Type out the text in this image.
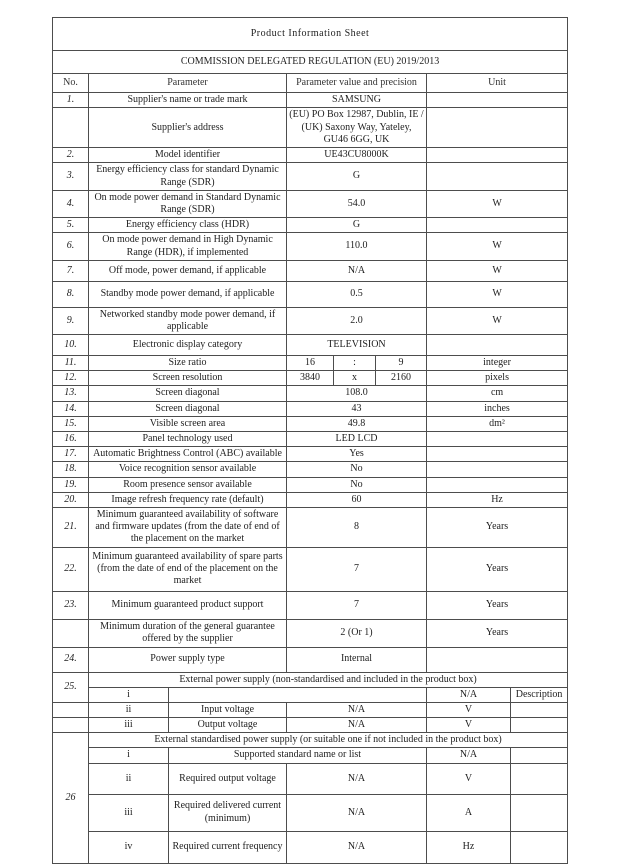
Product Information Sheet							
COMMISSION DELEGATED REGULATION (EU) 2019/2013							
No.	Parameter		Parameter value and precision			Unit	
1.	Supplier's name or trade mark		SAMSUNG				
	Supplier's address		(EU) PO Box 12987, Dublin, IE / (UK) Saxony Way, Yateley, GU46 6GG, UK				
2.	Model identifier		UE43CU8000K				
3.	Energy efficiency class for standard Dynamic Range (SDR)		G				
4.	On mode power demand in Standard Dynamic Range (SDR)		54.0			W	
5.	Energy efficiency class (HDR)		G				
6.	On mode power demand in High Dynamic Range (HDR), if implemented		110.0			W	
7.	Off mode, power demand, if applicable		N/A			W	
8.	Standby mode power demand, if applicable		0.5			W	
9.	Networked standby mode power demand, if applicable		2.0			W	
10.	Electronic display category		TELEVISION				
11.	Size ratio		16	:	9	integer	
12.	Screen resolution		3840	x	2160	pixels	
13.	Screen diagonal		108.0			cm	
14.	Screen diagonal		43			inches	
15.	Visible screen area		49.8			dm²	
16.	Panel technology used		LED LCD				
17.	Automatic Brightness Control (ABC) available		Yes				
18.	Voice recognition sensor available		No				
19.	Room presence sensor available		No				
20.	Image refresh frequency rate (default)		60			Hz	
21.	Minimum guaranteed availability of software and firmware updates (from the date of end of the placement on the market		8			Years	
22.	Minimum guaranteed availability of spare parts (from the date of end of the placement on the market		7			Years	
23.	Minimum guaranteed product support		7			Years	
	Minimum duration of the general guarantee offered by the supplier		2 (Or 1)			Years	
24.	Power supply type		Internal				
25.	External power supply (non-standardised and included in the product box)						
	i					N/A	Description
	ii	Input voltage	N/A			V	
	iii	Output voltage	N/A			V	
26	External standardised power supply (or suitable one if not included in the product box)						
	i	Supported standard name or list				N/A	
	ii	Required output voltage	N/A			V	
	iii	Required delivered current (minimum)	N/A			A	
	iv	Required current frequency	N/A			Hz	
